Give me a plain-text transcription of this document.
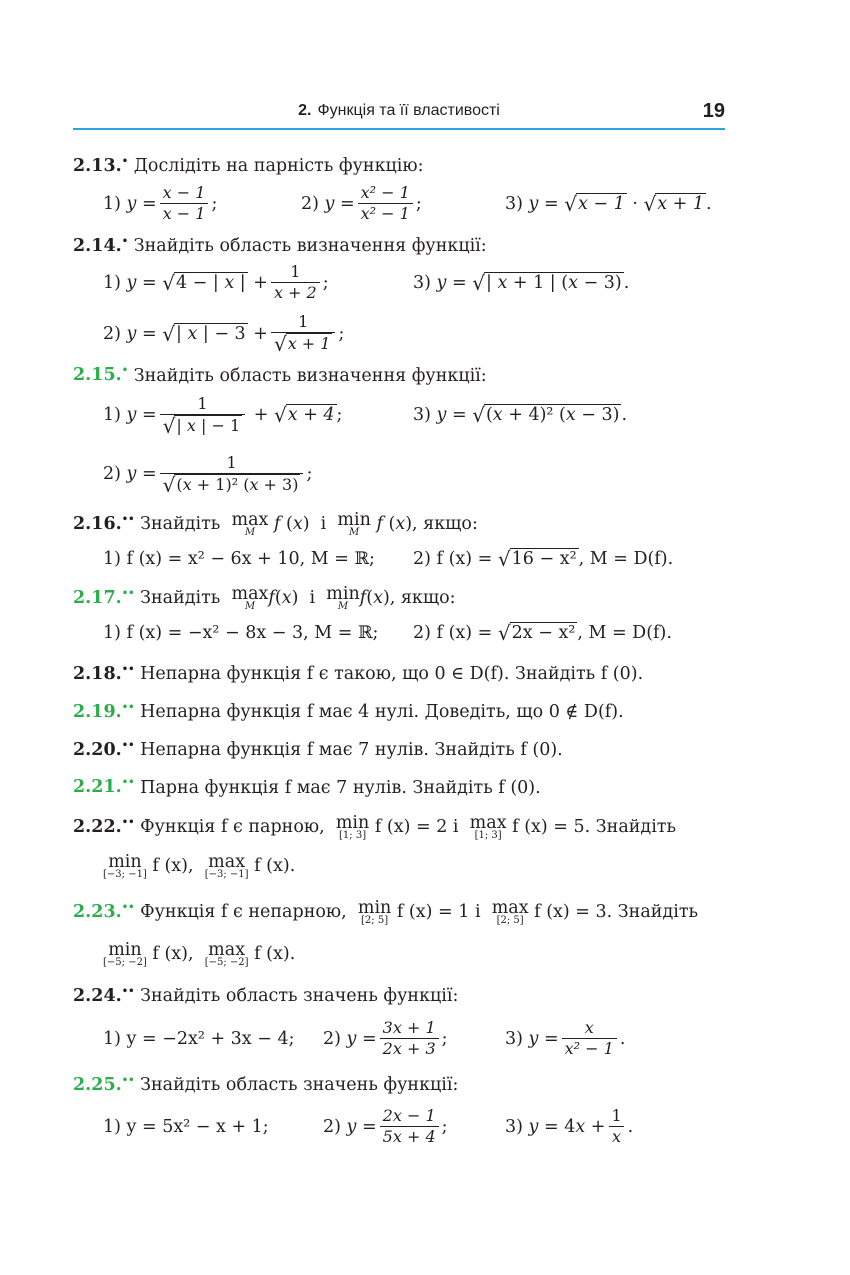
2. Функція та її властивості	19

2.13.• Дослідіть на парність функцію:

1) $y = \frac{x - 1}{x - 1}$ ;	2) $y = \frac{\text{x² − 1}}{\text{x² − 1}}$ ;	3) y = √ x − 1 · √ x + 1 .

2.14.• Знайдіть область визначення функції:

1) y = √ 4 − | x | + $\frac{1}{x + 2}$ ;	3) y = √ | x + 1 | (x − 3) .
2) y = √ | x | − $3 + \frac{1}{√ x + 1}$ ;

2.15.• Знайдіть область визначення функції:

1) $y = \frac{1}{√ | x | - 1}$ + √ x + 4 ;	3) y = √ (x + 4)² (x − 3) .
2) $y = \frac{1}{\text{√ (x + 1)² (x + 3)}}$ ;

2.16.•• Знайдіть max
M f (x)  і min
M f (x), якщо:

1) f (x) = x² − 6x + 10, M = ℝ; 2) f (x) =
√ 16 − x² , M = D(f).

2.17.•• Знайдіть max
M f(x)  і min
M f(x), якщо:

1) f (x) = −x² − 8x − 3, M = ℝ; 2) f (x) =
√ 2x − x² , M = D(f).

2.18.•• Непарна функція f є такою, що 0 ∈ D(f). Знайдіть f (0).

2.19.•• Непарна функція f має 4 нулі. Доведіть, що 0 ∉ D(f).

2.20.•• Непарна функція f має 7 нулів. Знайдіть f (0).

2.21.•• Парна функція f має 7 нулів. Знайдіть f (0).

2.22.•• Функція f є парною, min
[1; 3] f (x) = 2 і max
[1; 3] f (x) = 5. Знайдіть

min
[−3; −1] f (x), max
[−3; −1] f (x).

2.23.•• Функція f є непарною, min
[2; 5] f (x) = 1 і max
[2; 5] f (x) = 3. Знайдіть

min
[−5; −2] f (x), max
[−5; −2] f (x).

2.24.•• Знайдіть область значень функції:

1) y = −2x² + 3x − 4; 2) $y = \frac{3x + 1}{2x + 3}$ ;	3) $y = \frac{x}{\text{x² − 1}}$ .

2.25.•• Знайдіть область значень функції:

1) y = 5x² − x + 1;	2) $y = \frac{2x - 1}{5x + 4}$ ;	3) y = 4 $x + \frac{1}{x}$ .
